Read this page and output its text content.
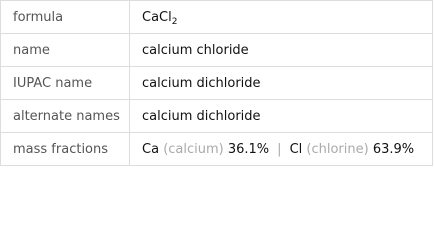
formula	CaCl$_2$
name	calcium chloride
IUPAC name	calcium dichloride
alternate names	calcium dichloride
mass fractions	Ca (calcium) 36.1% | Cl (chlorine) 63.9%
